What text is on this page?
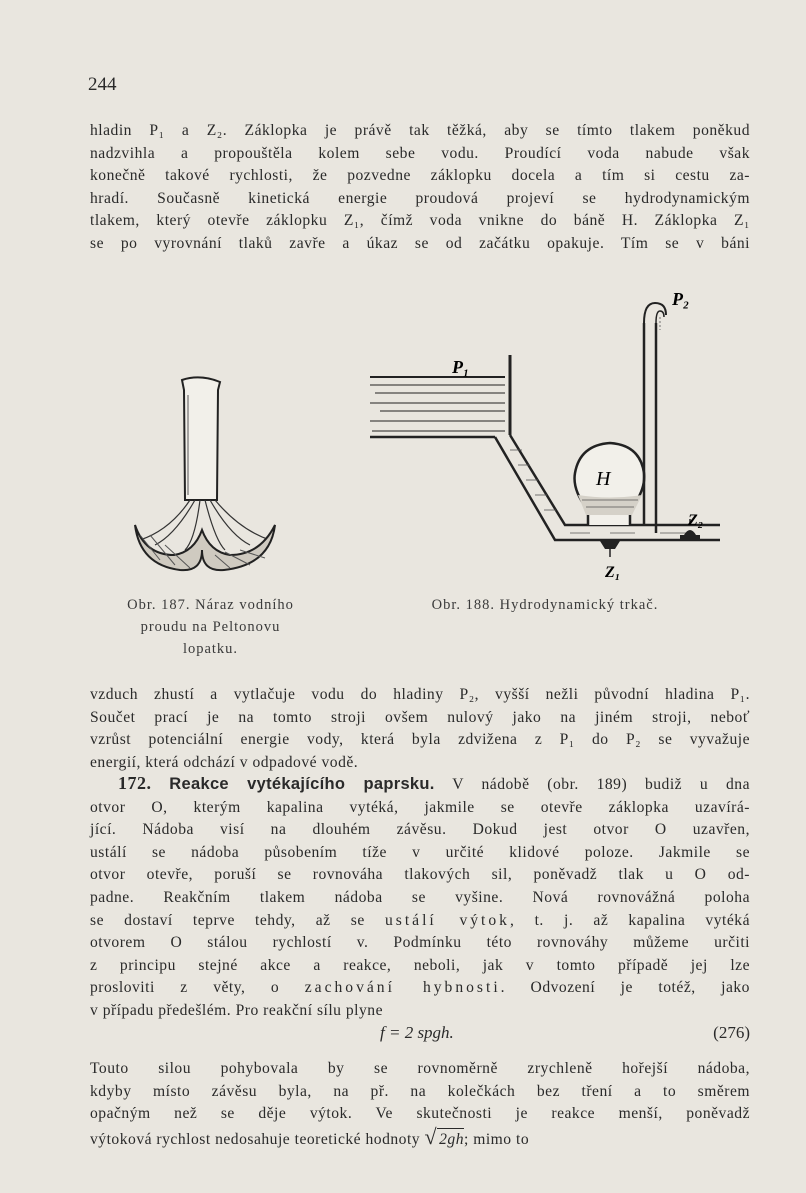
244
hladin P₁ a Z₂. Záklopka je právě tak těžká, aby se tímto tlakem poněkud
nadzvihla a propouštěla kolem sebe vodu. Proudící voda nabude však
konečně takové rychlosti, že pozvedne záklopku docela a tím si cestu za-
hradí. Současně kinetická energie proudová projeví se hydrodynamickým
tlakem, který otevře záklopku Z₁, čímž voda vnikne do báně H. Záklopka Z₁
se po vyrovnání tlaků zavře a úkaz se od začátku opakuje. Tím se v báni
Obr. 187. Náraz vodního
proudu na Peltonovu
lopatku.
P₁
P₂
H
Z₁
Z₂
Obr. 188. Hydrodynamický trkač.
vzduch zhustí a vytlačuje vodu do hladiny P₂, vyšší nežli původní hladina P₁.
Součet prací je na tomto stroji ovšem nulový jako na jiném stroji, neboť
vzrůst potenciální energie vody, která byla zdvižena z P₁ do P₂ se vyvažuje
energií, která odchází v odpadové vodě.
172. Reakce vytékajícího paprsku. V nádobě (obr. 189) budiž u dna
otvor O, kterým kapalina vytéká, jakmile se otevře záklopka uzavírá-
jící. Nádoba visí na dlouhém závěsu. Dokud jest otvor O uzavřen,
ustálí se nádoba působením tíže v určité klidové poloze. Jakmile se
otvor otevře, poruší se rovnováha tlakových sil, poněvadž tlak u O od-
padne. Reakčním tlakem nádoba se vyšine. Nová rovnovážná poloha
se dostaví teprve tehdy, až se ustálí výtok, t. j. až kapalina vytéká
otvorem O stálou rychlostí v. Podmínku této rovnováhy můžeme určiti
z principu stejné akce a reakce, neboli, jak v tomto případě jej lze
prosloviti z věty, o zachování hybnosti. Odvození je totéž, jako
v případu předešlém. Pro reakční sílu plyne
f = 2 spgh.	(276)
Touto silou pohybovala by se rovnoměrně zrychleně hořejší nádoba,
kdyby místo závěsu byla, na př. na kolečkách bez tření a to směrem
opačným než se děje výtok. Ve skutečnosti je reakce menší, poněvadž
výtoková rychlost nedosahuje teoretické hodnoty √ 2gh; mimo to
